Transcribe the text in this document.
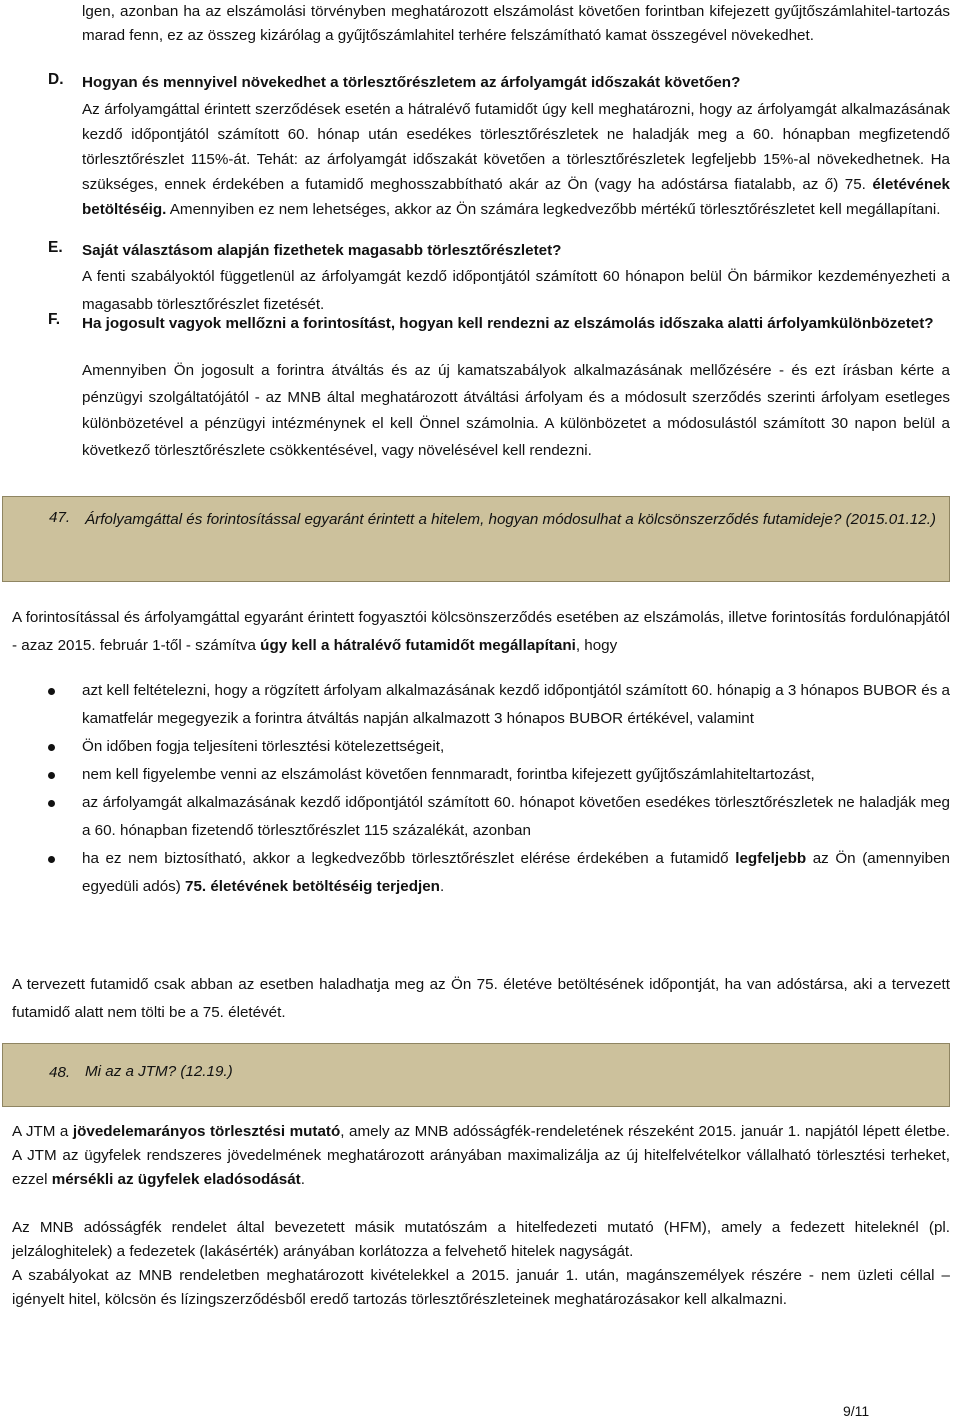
lgen, azonban ha az elszámolási törvényben meghatározott elszámolást követően forintban kifejezett gyűjtőszámlahitel-tartozás marad fenn, ez az összeg kizárólag a gyűjtőszámlahitel terhére felszámítható kamat összegével növekedhet.

D. Hogyan és mennyivel növekedhet a törlesztőrészletem az árfolyamgát időszakát követően?

Az árfolyamgáttal érintett szerződések esetén a hátralévő futamidőt úgy kell meghatározni, hogy az árfolyamgát alkalmazásának kezdő időpontjától számított 60. hónap után esedékes törlesztőrészletek ne haladják meg a 60. hónapban megfizetendő törlesztőrészlet 115%-át. Tehát: az árfolyamgát időszakát követően a törlesztőrészletek legfeljebb 15%-al növekedhetnek. Ha szükséges, ennek érdekében a futamidő meghosszabbítható akár az Ön (vagy ha adóstársa fiatalabb, az ő) 75. életévének betöltéséig. Amennyiben ez nem lehetséges, akkor az Ön számára legkedvezőbb mértékű törlesztőrészletet kell megállapítani.

E. Saját választásom alapján fizethetek magasabb törlesztőrészletet?

A fenti szabályoktól függetlenül az árfolyamgát kezdő időpontjától számított 60 hónapon belül Ön bármikor kezdeményezheti a magasabb törlesztőrészlet fizetését.

F. Ha jogosult vagyok mellőzni a forintosítást, hogyan kell rendezni az elszámolás időszaka alatti árfolyamkülönbözetet?

Amennyiben Ön jogosult a forintra átváltás és az új kamatszabályok alkalmazásának mellőzésére - és ezt írásban kérte a pénzügyi szolgáltatójától - az MNB által meghatározott átváltási árfolyam és a módosult szerződés szerinti árfolyam esetleges különbözetével a pénzügyi intézménynek el kell Önnel számolnia. A különbözetet a módosulástól számított 30 napon belül a következő törlesztőrészlete csökkentésével, vagy növelésével kell rendezni.

47. Árfolyamgáttal és forintosítással egyaránt érintett a hitelem, hogyan módosulhat a kölcsönszerződés futamideje? (2015.01.12.)

A forintosítással és árfolyamgáttal egyaránt érintett fogyasztói kölcsönszerződés esetében az elszámolás, illetve forintosítás fordulónapjától - azaz 2015. február 1-től - számítva úgy kell a hátralévő futamidőt megállapítani, hogy

azt kell feltételezni, hogy a rögzített árfolyam alkalmazásának kezdő időpontjától számított 60. hónapig a 3 hónapos BUBOR és a kamatfelár megegyezik a forintra átváltás napján alkalmazott 3 hónapos BUBOR értékével, valamint
Ön időben fogja teljesíteni törlesztési kötelezettségeit,
nem kell figyelembe venni az elszámolást követően fennmaradt, forintba kifejezett gyűjtőszámlahiteltartozást,
az árfolyamgát alkalmazásának kezdő időpontjától számított 60. hónapot követően esedékes törlesztőrészletek ne haladják meg a 60. hónapban fizetendő törlesztőrészlet 115 százalékát, azonban
ha ez nem biztosítható, akkor a legkedvezőbb törlesztőrészlet elérése érdekében a futamidő legfeljebb az Ön (amennyiben egyedüli adós) 75. életévének betöltéséig terjedjen.

A tervezett futamidő csak abban az esetben haladhatja meg az Ön 75. életéve betöltésének időpontját, ha van adóstársa, aki a tervezett futamidő alatt nem tölti be a 75. életévét.

48. Mi az a JTM? (12.19.)

A JTM a jövedelemarányos törlesztési mutató, amely az MNB adósságfék-rendeletének részeként 2015. január 1. napjától lépett életbe. A JTM az ügyfelek rendszeres jövedelmének meghatározott arányában maximalizálja az új hitelfelvételkor vállalható törlesztési terheket, ezzel mérsékli az ügyfelek eladósodását.

Az MNB adósságfék rendelet által bevezetett másik mutatószám a hitelfedezeti mutató (HFM), amely a fedezett hiteleknél (pl. jelzáloghitelek) a fedezetek (lakásérték) arányában korlátozza a felvehető hitelek nagyságát.

A szabályokat az MNB rendeletben meghatározott kivételekkel a 2015. január 1. után, magánszemélyek részére - nem üzleti céllal – igényelt hitel, kölcsön és lízingszerződésből eredő tartozás törlesztőrészleteinek meghatározásakor kell alkalmazni.

9/11
